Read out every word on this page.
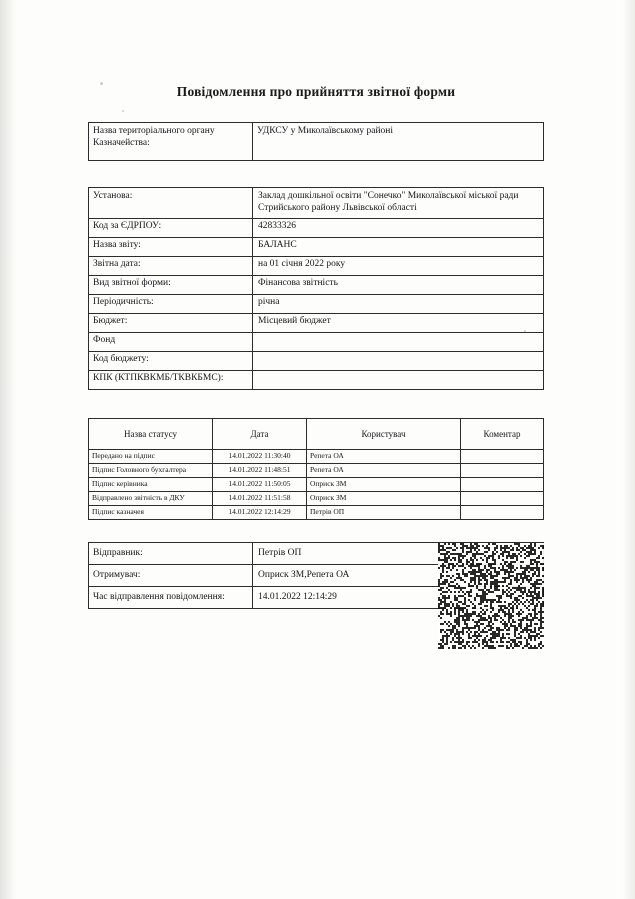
Повідомлення про прийняття звітної форми
Назва територіального органу Казначейства:	УДКСУ у Миколаївському районі
Установа:	Заклад дошкільної освіти "Сонечко" Миколаївської міської ради Стрийського району Львівської області
Код за ЄДРПОУ:	42833326
Назва звіту:	БАЛАНС
Звітна дата:	на 01 січня 2022 року
Вид звітної форми:	Фінансова звітність
Періодичність:	річна
Бюджет:	Місцевий бюджет
Фонд	
Код бюджету:	
КПК (КТПКВКМБ/ТКВКБМС):	
Назва статусу	Дата	Користувач	Коментар
Передано на підпис	14.01.2022 11:30:40	Репета ОА	
Підпис Головного бухгалтера	14.01.2022 11:48:51	Репета ОА	
Підпис керівника	14.01.2022 11:50:05	Оприск ЗМ	
Відправлено звітність в ДКУ	14.01.2022 11:51:58	Оприск ЗМ	
Підпис казначея	14.01.2022 12:14:29	Петрів ОП	
Відправник:	Петрів ОП
Отримувач:	Оприск ЗМ,Репета ОА
Час відправлення повідомлення:	14.01.2022 12:14:29
